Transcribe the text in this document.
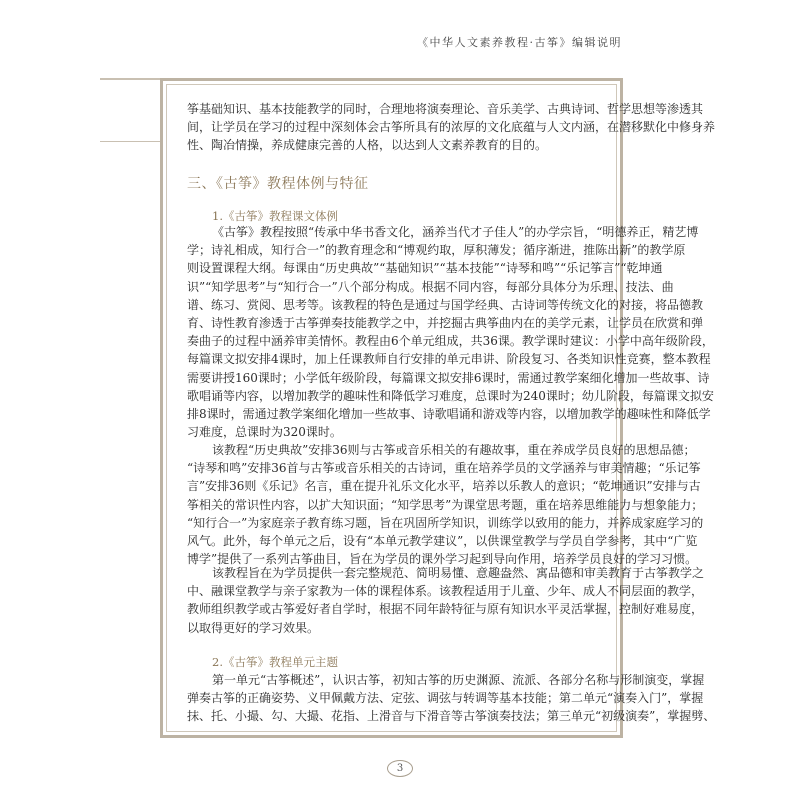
《中华人文素养教程·古筝》编辑说明
筝基础知识、基本技能教学的同时，合理地将演奏理论、音乐美学、古典诗词、哲学思想等渗透其
间，让学员在学习的过程中深刻体会古筝所具有的浓厚的文化底蕴与人文内涵，在潜移默化中修身养
性、陶冶情操，养成健康完善的人格，以达到人文素养教育的目的。
三、《古筝》教程体例与特征
1.《古筝》教程课文体例
《古筝》教程按照“传承中华书香文化，涵养当代才子佳人”的办学宗旨，“明德养正，精艺博
学；诗礼相成，知行合一”的教育理念和“博观约取，厚积薄发；循序渐进，推陈出新”的教学原
则设置课程大纲。每课由“历史典故”“基础知识”“基本技能”“诗琴和鸣”“乐记筝言”“乾坤通
识”“知学思考”与“知行合一”八个部分构成。根据不同内容，每部分具体分为乐理、技法、曲
谱、练习、赏阅、思考等。该教程的特色是通过与国学经典、古诗词等传统文化的对接，将品德教
育、诗性教育渗透于古筝弹奏技能教学之中，并挖掘古典筝曲内在的美学元素，让学员在欣赏和弹
奏曲子的过程中涵养审美情怀。教程由6个单元组成，共36课。教学课时建议：小学中高年级阶段，
每篇课文拟安排4课时，加上任课教师自行安排的单元串讲、阶段复习、各类知识性竞赛，整本教程
需要讲授160课时；小学低年级阶段，每篇课文拟安排6课时，需通过教学案细化增加一些故事、诗
歌唱诵等内容，以增加教学的趣味性和降低学习难度，总课时为240课时；幼儿阶段，每篇课文拟安
排8课时，需通过教学案细化增加一些故事、诗歌唱诵和游戏等内容，以增加教学的趣味性和降低学
习难度，总课时为320课时。
该教程“历史典故”安排36则与古筝或音乐相关的有趣故事，重在养成学员良好的思想品德；
“诗琴和鸣”安排36首与古筝或音乐相关的古诗词，重在培养学员的文学涵养与审美情趣；“乐记筝
言”安排36则《乐记》名言，重在提升礼乐文化水平，培养以乐教人的意识；“乾坤通识”安排与古
筝相关的常识性内容，以扩大知识面；“知学思考”为课堂思考题，重在培养思维能力与想象能力；
“知行合一”为家庭亲子教育练习题，旨在巩固所学知识，训练学以致用的能力，并养成家庭学习的
风气。此外，每个单元之后，设有“本单元教学建议”，以供课堂教学与学员自学参考，其中“广览
博学”提供了一系列古筝曲目，旨在为学员的课外学习起到导向作用，培养学员良好的学习习惯。
该教程旨在为学员提供一套完整规范、简明易懂、意趣盎然、寓品德和审美教育于古筝教学之
中、融课堂教学与亲子家教为一体的课程体系。该教程适用于儿童、少年、成人不同层面的教学，
教师组织教学或古筝爱好者自学时，根据不同年龄特征与原有知识水平灵活掌握，控制好难易度，
以取得更好的学习效果。
2.《古筝》教程单元主题
第一单元“古筝概述”，认识古筝，初知古筝的历史渊源、流派、各部分名称与形制演变，掌握
弹奏古筝的正确姿势、义甲佩戴方法、定弦、调弦与转调等基本技能；第二单元“演奏入门”，掌握
抹、托、小撮、勾、大撮、花指、上滑音与下滑音等古筝演奏技法；第三单元“初级演奏”，掌握劈、
3
